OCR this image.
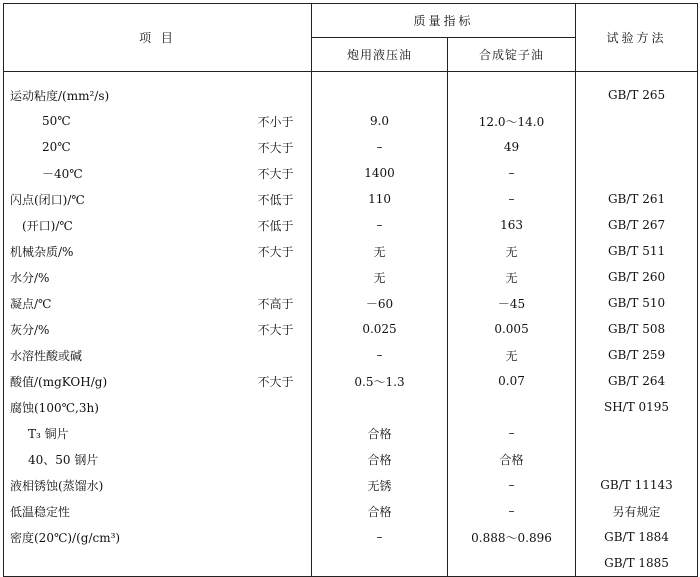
项 目		质量指标		试验方法
		炮用液压油	合成锭子油	

运动粘度/(mm²/s)				GB/T 265
50℃	不小于	9.0	12.0～14.0	
20℃	不大于	–	49	
－40℃	不大于	1400	–	
闪点(闭口)/℃	不低于	110	–	GB/T 261
(开口)/℃	不低于	–	163	GB/T 267
机械杂质/%	不大于	无	无	GB/T 511
水分/%		无	无	GB/T 260
凝点/℃	不高于	－60	－45	GB/T 510
灰分/%	不大于	0.025	0.005	GB/T 508
水溶性酸或碱		–	无	GB/T 259
酸值/(mgKOH/g)	不大于	0.5～1.3	0.07	GB/T 264
腐蚀(100℃,3h)				SH/T 0195
T₃ 铜片		合格	–	
40、50 钢片		合格	合格	
液相锈蚀(蒸馏水)		无锈	–	GB/T 11143
低温稳定性		合格	–	另有规定
密度(20℃)/(g/cm³)		–	0.888～0.896	GB/T 1884
				GB/T 1885
